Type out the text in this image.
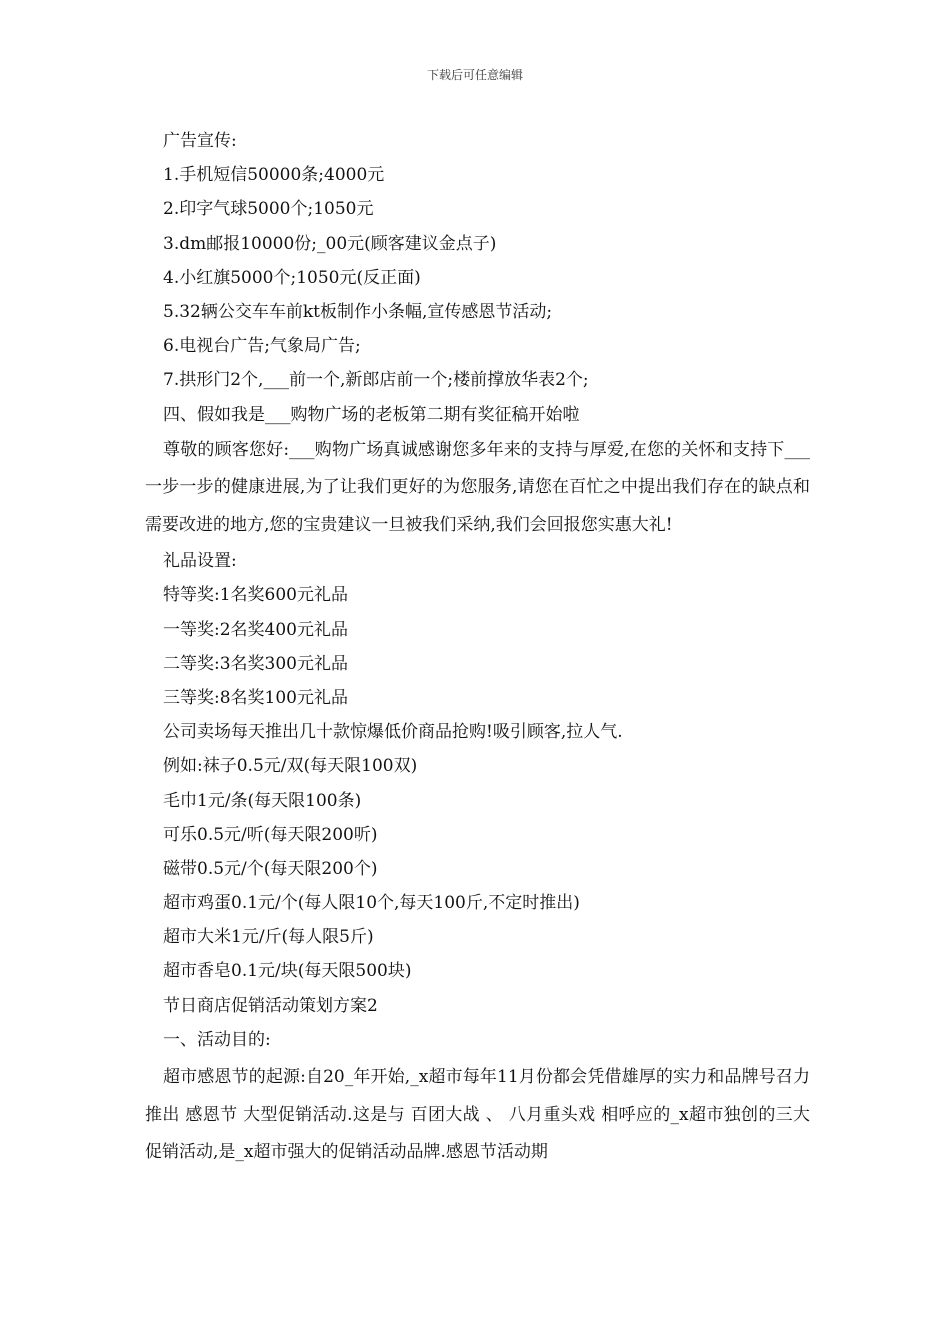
下载后可任意编辑
广告宣传:
1.手机短信50000条;4000元
2.印字气球5000个;1050元
3.dm邮报10000份;_00元(顾客建议金点子)
4.小红旗5000个;1050元(反正面)
5.32辆公交车车前kt板制作小条幅,宣传感恩节活动;
6.电视台广告;气象局广告;
7.拱形门2个,___前一个,新郎店前一个;楼前撑放华表2个;
四、假如我是___购物广场的老板第二期有奖征稿开始啦

尊敬的顾客您好:___购物广场真诚感谢您多年来的支持与厚爱,在您的关怀和支持下___一步一步的健康进展,为了让我们更好的为您服务,请您在百忙之中提出我们存在的缺点和需要改进的地方,您的宝贵建议一旦被我们采纳,我们会回报您实惠大礼!

礼品设置:
特等奖:1名奖600元礼品
一等奖:2名奖400元礼品
二等奖:3名奖300元礼品
三等奖:8名奖100元礼品
公司卖场每天推出几十款惊爆低价商品抢购!吸引顾客,拉人气.
例如:袜子0.5元/双(每天限100双)
毛巾1元/条(每天限100条)
可乐0.5元/听(每天限200听)
磁带0.5元/个(每天限200个)
超市鸡蛋0.1元/个(每人限10个,每天100斤,不定时推出)
超市大米1元/斤(每人限5斤)
超市香皂0.1元/块(每天限500块)
节日商店促销活动策划方案2
一、活动目的:

超市感恩节的起源:自20_年开始,_x超市每年11月份都会凭借雄厚的实力和品牌号召力推出 感恩节 大型促销活动.这是与 百团大战 、 八月重头戏 相呼应的_x超市独创的三大促销活动,是_x超市强大的促销活动品牌.感恩节活动期
